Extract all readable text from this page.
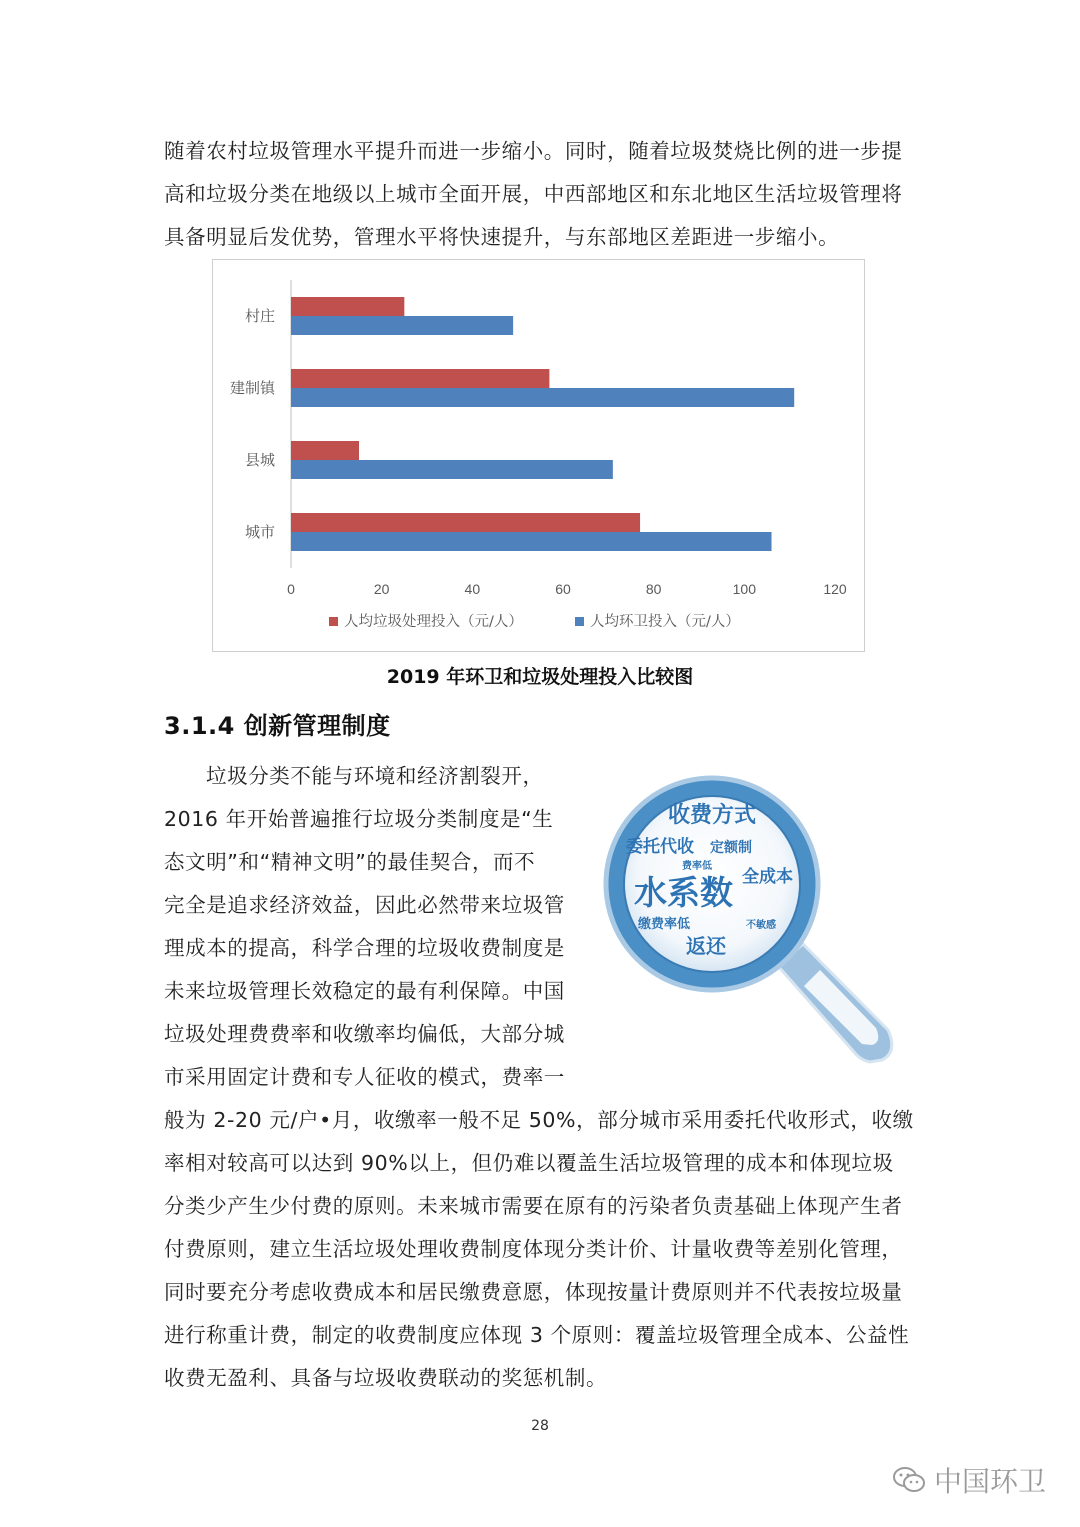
随着农村垃圾管理水平提升而进一步缩小。同时，随着垃圾焚烧比例的进一步提
高和垃圾分类在地级以上城市全面开展，中西部地区和东北地区生活垃圾管理将
具备明显后发优势，管理水平将快速提升，与东部地区差距进一步缩小。
0	20	40	60	80	100	120
城市
县城
建制镇
村庄
人均垃圾处理投入（元/人）	人均环卫投入（元/人）
2019 年环卫和垃圾处理投入比较图
3.1.4 创新管理制度
垃圾分类不能与环境和经济割裂开，
2016 年开始普遍推行垃圾分类制度是“生
态文明”和“精神文明”的最佳契合，而不
完全是追求经济效益，因此必然带来垃圾管
理成本的提高，科学合理的垃圾收费制度是
未来垃圾管理长效稳定的最有利保障。中国
垃圾处理费费率和收缴率均偏低，大部分城
市采用固定计费和专人征收的模式，费率一
般为 2-20 元/户•月，收缴率一般不足 50%，部分城市采用委托代收形式，收缴
率相对较高可以达到 90%以上，但仍难以覆盖生活垃圾管理的成本和体现垃圾
分类少产生少付费的原则。未来城市需要在原有的污染者负责基础上体现产生者
付费原则，建立生活垃圾处理收费制度体现分类计价、计量收费等差别化管理，
同时要充分考虑收费成本和居民缴费意愿，体现按量计费原则并不代表按垃圾量
进行称重计费，制定的收费制度应体现 3 个原则：覆盖垃圾管理全成本、公益性
收费无盈利、具备与垃圾收费联动的奖惩机制。
收费方式
委托代收 定额制
费率低
全成本
水系数
缴费率低	不敏感
返还
28
中国环卫
